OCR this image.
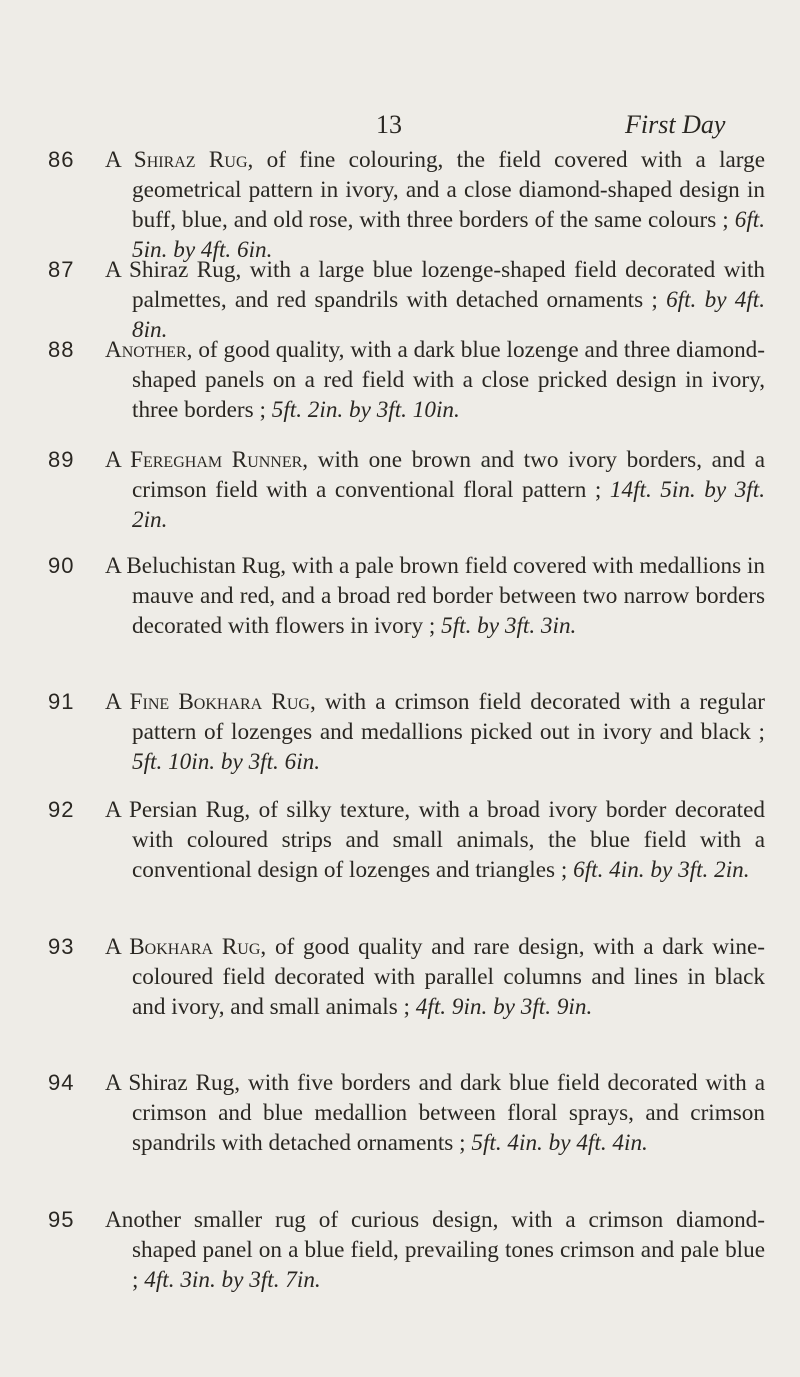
13	First Day
86 A Shiraz Rug, of fine colouring, the field covered with a large geometrical pattern in ivory, and a close diamond-shaped design in buff, blue, and old rose, with three borders of the same colours ; 6ft. 5in. by 4ft. 6in.
87 A Shiraz Rug, with a large blue lozenge-shaped field decorated with palmettes, and red spandrils with detached ornaments ; 6ft. by 4ft. 8in.
88 Another, of good quality, with a dark blue lozenge and three diamond-shaped panels on a red field with a close pricked design in ivory, three borders ; 5ft. 2in. by 3ft. 10in.
89 A Feregham Runner, with one brown and two ivory borders, and a crimson field with a conventional floral pattern ; 14ft. 5in. by 3ft. 2in.
90 A Beluchistan Rug, with a pale brown field covered with medallions in mauve and red, and a broad red border between two narrow borders decorated with flowers in ivory ; 5ft. by 3ft. 3in.
91 A Fine Bokhara Rug, with a crimson field decorated with a regular pattern of lozenges and medallions picked out in ivory and black ; 5ft. 10in. by 3ft. 6in.
92 A Persian Rug, of silky texture, with a broad ivory border decorated with coloured strips and small animals, the blue field with a conventional design of lozenges and triangles ; 6ft. 4in. by 3ft. 2in.
93 A Bokhara Rug, of good quality and rare design, with a dark wine-coloured field decorated with parallel columns and lines in black and ivory, and small animals ; 4ft. 9in. by 3ft. 9in.
94 A Shiraz Rug, with five borders and dark blue field decorated with a crimson and blue medallion between floral sprays, and crimson spandrils with detached ornaments ; 5ft. 4in. by 4ft. 4in.
95 Another smaller rug of curious design, with a crimson diamond-shaped panel on a blue field, prevailing tones crimson and pale blue ; 4ft. 3in. by 3ft. 7in.
